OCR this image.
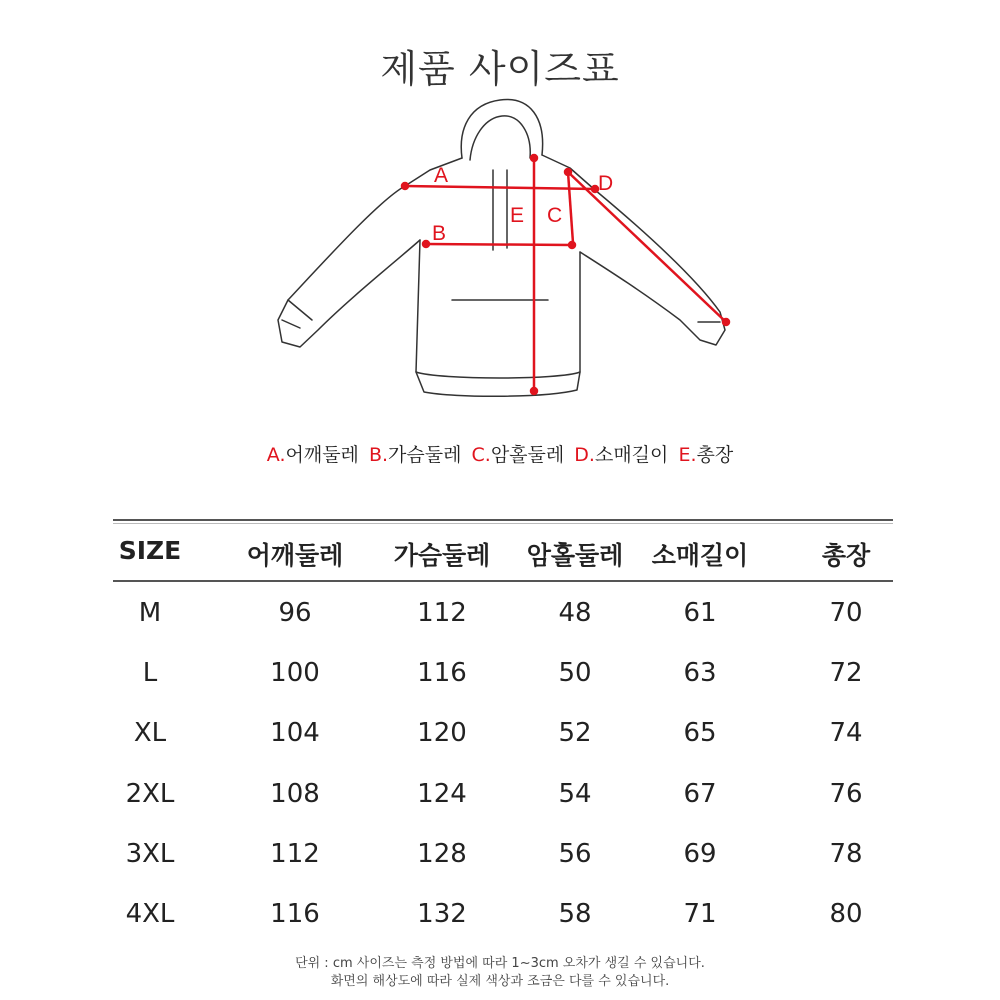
제품 사이즈표
A
B
C
D
E
A.어깨둘레 B.가슴둘레 C.암홀둘레 D.소매길이 E.총장
SIZE	어깨둘레	가슴둘레	암홀둘레	소매길이	총장
M	96	112	48	61	70
L	100	116	50	63	72
XL	104	120	52	65	74
2XL	108	124	54	67	76
3XL	112	128	56	69	78
4XL	116	132	58	71	80
단위 : cm 사이즈는 측정 방법에 따라 1~3cm 오차가 생길 수 있습니다.
화면의 해상도에 따라 실제 색상과 조금은 다를 수 있습니다.
